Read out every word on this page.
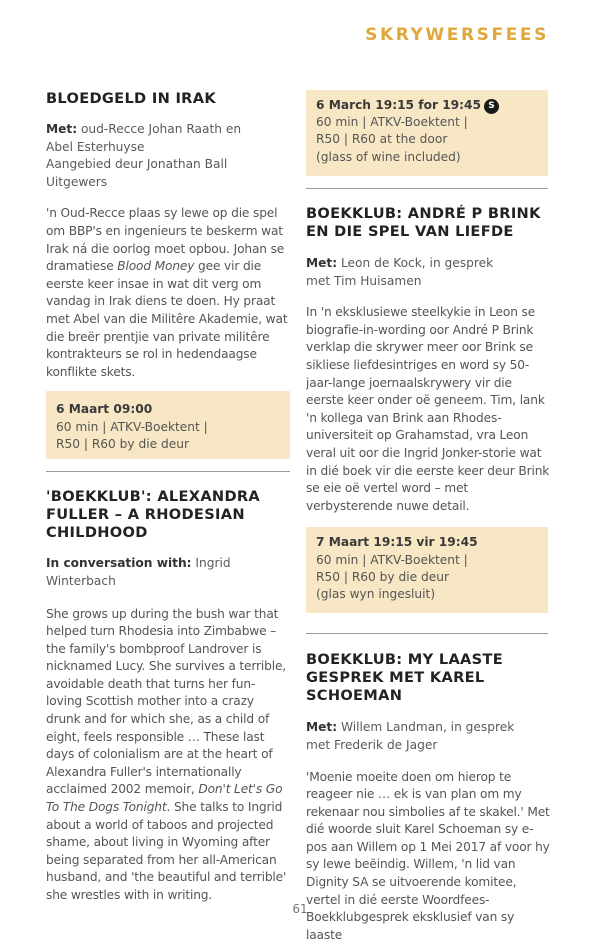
SKRYWERSFEES
BLOEDGELD IN IRAK
Met: oud-Recce Johan Raath en
Abel Esterhuyse
Aangebied deur Jonathan Ball Uitgewers

'n Oud-Recce plaas sy lewe op die spel om BBP's en ingenieurs te beskerm wat Irak ná die oorlog moet opbou. Johan se dramatiese Blood Money gee vir die eerste keer insae in wat dit verg om vandag in Irak diens te doen. Hy praat met Abel van die Militêre Akademie, wat die breër prentjie van private militêre kontrakteurs se rol in hedendaagse konflikte skets.

6 Maart 09:00
60 min | ATKV-Boektent |
R50 | R60 by die deur
'BOEKKLUB': ALEXANDRA FULLER – A RHODESIAN CHILDHOOD
In conversation with: Ingrid Winterbach

She grows up during the bush war that helped turn Rhodesia into Zimbabwe – the family's bombproof Landrover is nicknamed Lucy. She survives a terrible, avoidable death that turns her fun-loving Scottish mother into a crazy drunk and for which she, as a child of eight, feels responsible … These last days of colonialism are at the heart of Alexandra Fuller's internationally acclaimed 2002 memoir, Don't Let's Go To The Dogs Tonight. She talks to Ingrid about a world of taboos and projected shame, about living in Wyoming after being separated from her all-American husband, and 'the beautiful and terrible' she wrestles with in writing.

6 March 19:15 for 19:45 S
60 min | ATKV-Boektent |
R50 | R60 at the door
(glass of wine included)
BOEKKLUB: ANDRÉ P BRINK EN DIE SPEL VAN LIEFDE
Met: Leon de Kock, in gesprek
met Tim Huisamen

In 'n eksklusiewe steelkykie in Leon se biografie-in-wording oor André P Brink verklap die skrywer meer oor Brink se sikliese liefdesintriges en word sy 50-jaar-lange joernaalskrywery vir die eerste keer onder oë geneem. Tim, lank 'n kollega van Brink aan Rhodes-universiteit op Grahamstad, vra Leon veral uit oor die Ingrid Jonker-storie wat in dié boek vir die eerste keer deur Brink se eie oë vertel word – met verbysterende nuwe detail.

7 Maart 19:15 vir 19:45
60 min | ATKV-Boektent |
R50 | R60 by die deur
(glas wyn ingesluit)
BOEKKLUB: MY LAASTE GESPREK MET KAREL SCHOEMAN
Met: Willem Landman, in gesprek
met Frederik de Jager

'Moenie moeite doen om hierop te reageer nie … ek is van plan om my rekenaar nou simbolies af te skakel.' Met dié woorde sluit Karel Schoeman sy e-pos aan Willem op 1 Mei 2017 af voor hy sy lewe beëindig. Willem, 'n lid van Dignity SA se uitvoerende komitee, vertel in dié eerste Woordfees-Boekklubgesprek eksklusief van sy laaste

61
